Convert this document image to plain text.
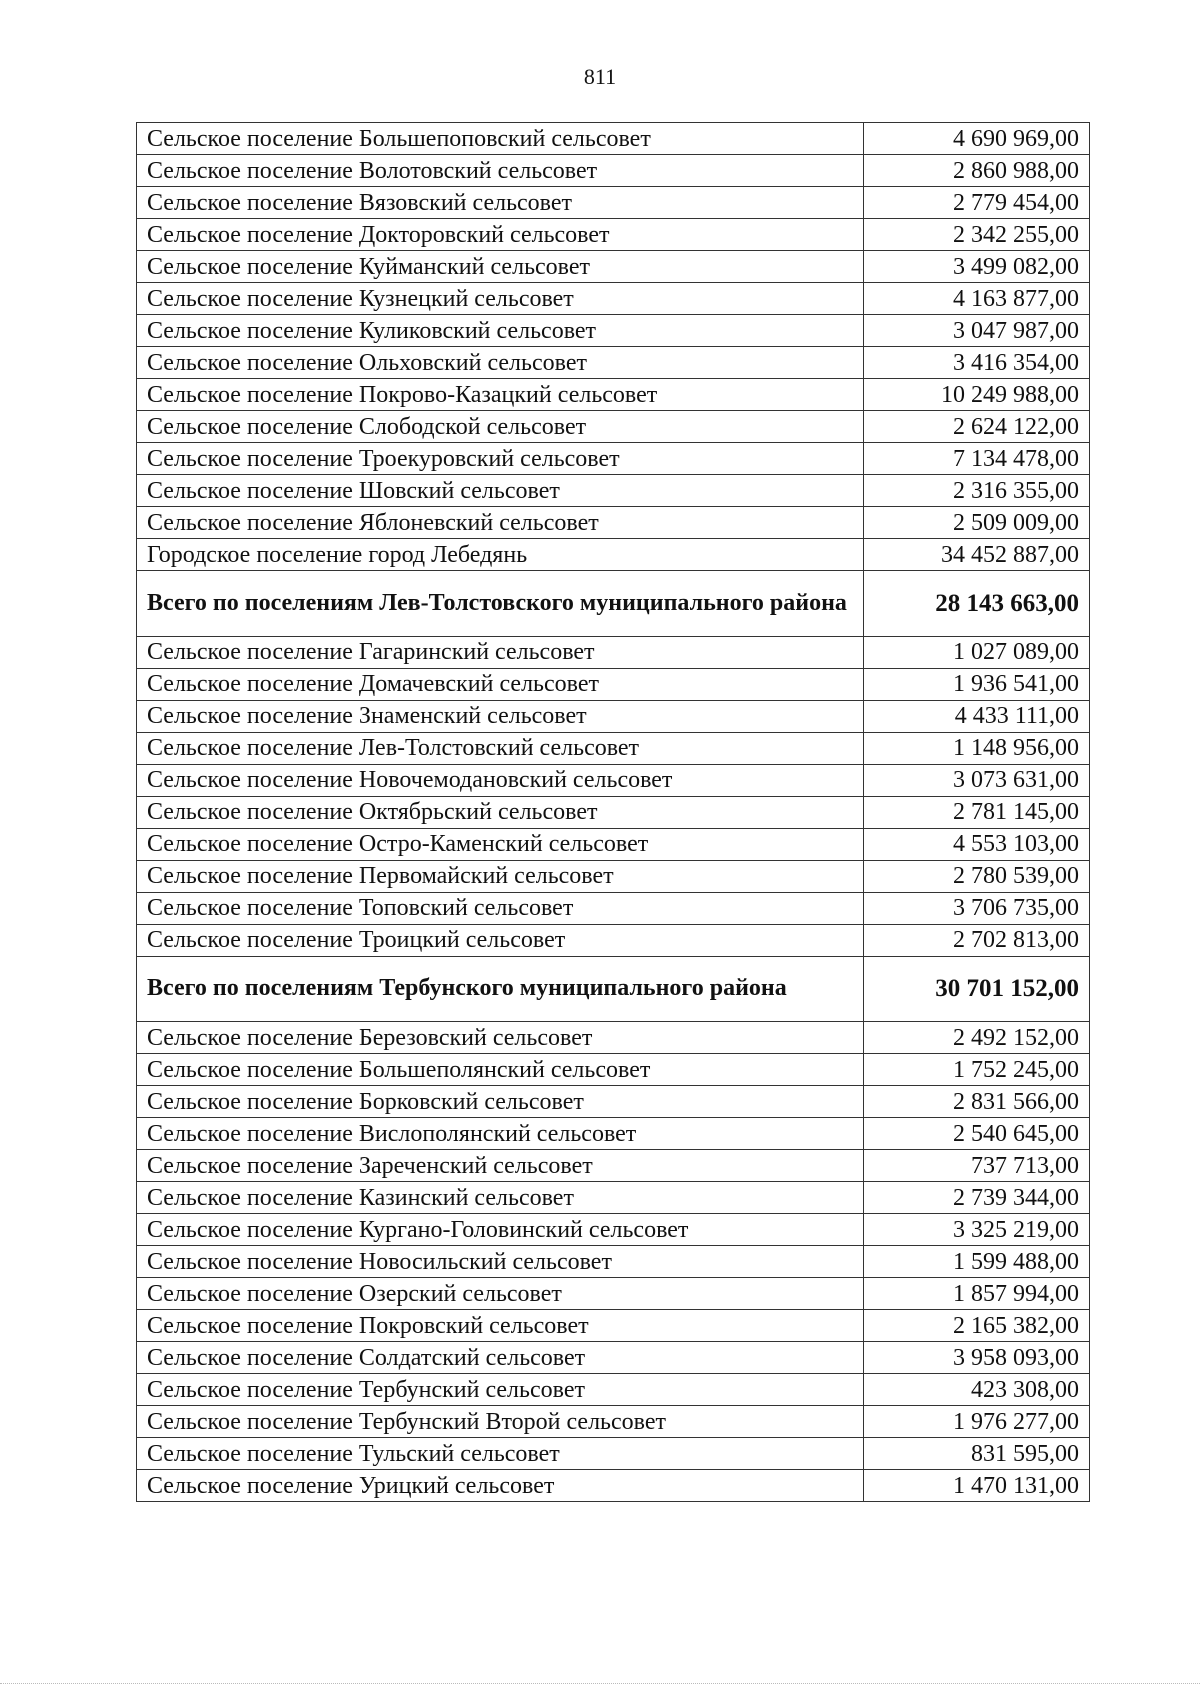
811
Сельское поселение Большепоповский сельсовет	4 690 969,00
Сельское поселение Волотовский сельсовет	2 860 988,00
Сельское поселение Вязовский сельсовет	2 779 454,00
Сельское поселение Докторовский сельсовет	2 342 255,00
Сельское поселение Куйманский сельсовет	3 499 082,00
Сельское поселение Кузнецкий сельсовет	4 163 877,00
Сельское поселение Куликовский сельсовет	3 047 987,00
Сельское поселение Ольховский сельсовет	3 416 354,00
Сельское поселение Покрово-Казацкий сельсовет	10 249 988,00
Сельское поселение Слободской сельсовет	2 624 122,00
Сельское поселение Троекуровский сельсовет	7 134 478,00
Сельское поселение Шовский сельсовет	2 316 355,00
Сельское поселение Яблоневский сельсовет	2 509 009,00
Городское поселение город Лебедянь	34 452 887,00
Всего по поселениям Лев-Толстовского муниципального района	28 143 663,00
Сельское поселение Гагаринский сельсовет	1 027 089,00
Сельское поселение Домачевский сельсовет	1 936 541,00
Сельское поселение Знаменский сельсовет	4 433 111,00
Сельское поселение Лев-Толстовский сельсовет	1 148 956,00
Сельское поселение Новочемодановский сельсовет	3 073 631,00
Сельское поселение Октябрьский сельсовет	2 781 145,00
Сельское поселение Остро-Каменский сельсовет	4 553 103,00
Сельское поселение Первомайский сельсовет	2 780 539,00
Сельское поселение Топовский сельсовет	3 706 735,00
Сельское поселение Троицкий сельсовет	2 702 813,00
Всего по поселениям Тербунского муниципального района	30 701 152,00
Сельское поселение Березовский сельсовет	2 492 152,00
Сельское поселение Большеполянский сельсовет	1 752 245,00
Сельское поселение Борковский сельсовет	2 831 566,00
Сельское поселение Вислополянский сельсовет	2 540 645,00
Сельское поселение Зареченский сельсовет	737 713,00
Сельское поселение Казинский сельсовет	2 739 344,00
Сельское поселение Кургано-Головинский сельсовет	3 325 219,00
Сельское поселение Новосильский сельсовет	1 599 488,00
Сельское поселение Озерский сельсовет	1 857 994,00
Сельское поселение Покровский сельсовет	2 165 382,00
Сельское поселение Солдатский сельсовет	3 958 093,00
Сельское поселение Тербунский сельсовет	423 308,00
Сельское поселение Тербунский Второй сельсовет	1 976 277,00
Сельское поселение Тульский сельсовет	831 595,00
Сельское поселение Урицкий сельсовет	1 470 131,00
